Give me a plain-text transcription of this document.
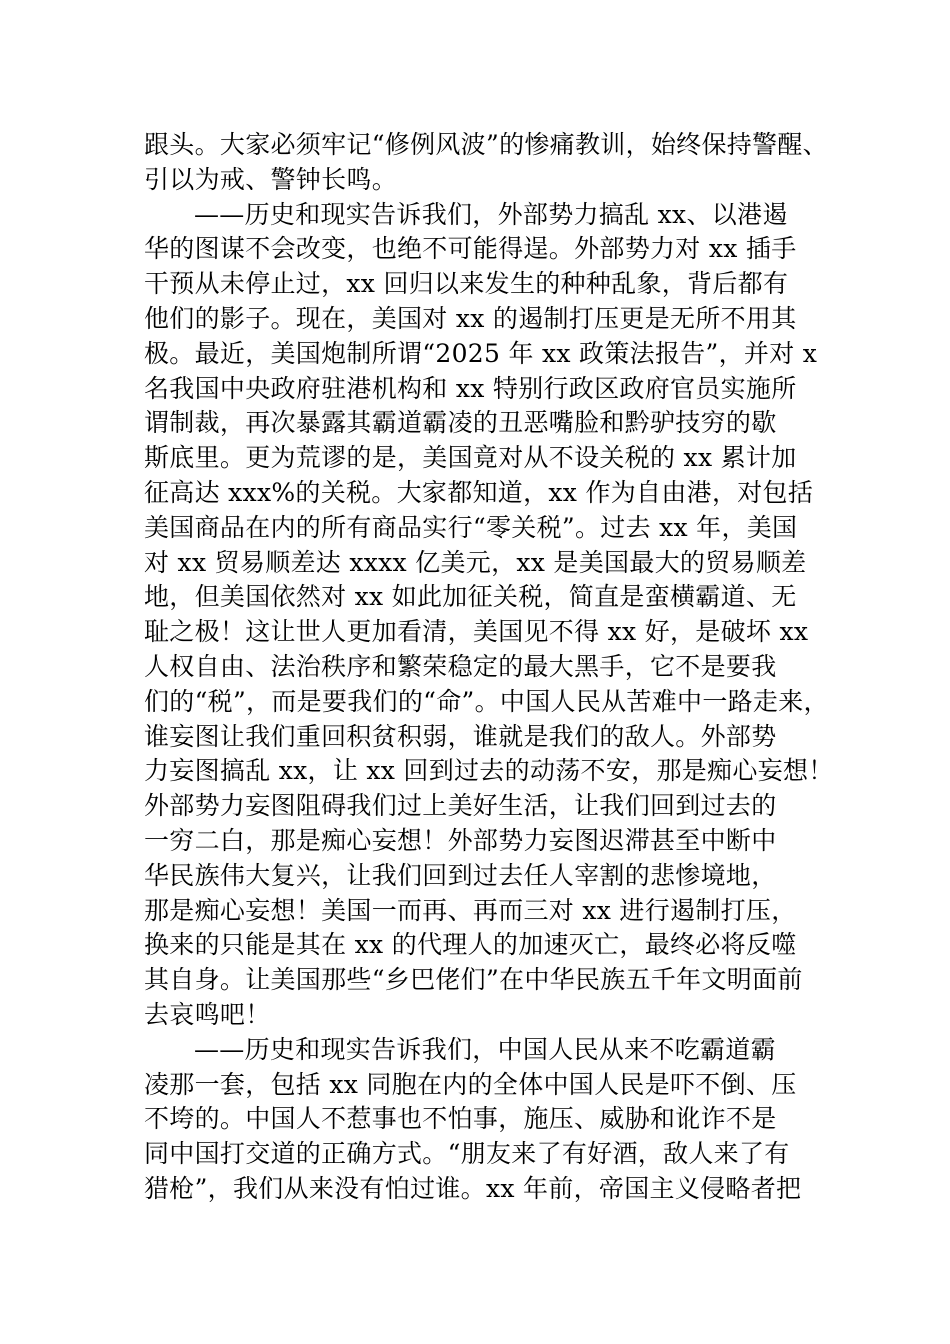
跟头。大家必须牢记“修例风波”的惨痛教训，始终保持警醒、
引以为戒、警钟长鸣。
——历史和现实告诉我们，外部势力搞乱 xx、以港遏
华的图谋不会改变，也绝不可能得逞。外部势力对 xx 插手
干预从未停止过，xx 回归以来发生的种种乱象，背后都有
他们的影子。现在，美国对 xx 的遏制打压更是无所不用其
极。最近，美国炮制所谓“2025 年 xx 政策法报告”，并对 x
名我国中央政府驻港机构和 xx 特别行政区政府官员实施所
谓制裁，再次暴露其霸道霸凌的丑恶嘴脸和黔驴技穷的歇
斯底里。更为荒谬的是，美国竟对从不设关税的 xx 累计加
征高达 xxx%的关税。大家都知道，xx 作为自由港，对包括
美国商品在内的所有商品实行“零关税”。过去 xx 年，美国
对 xx 贸易顺差达 xxxx 亿美元，xx 是美国最大的贸易顺差
地，但美国依然对 xx 如此加征关税，简直是蛮横霸道、无
耻之极！这让世人更加看清，美国见不得 xx 好，是破坏 xx
人权自由、法治秩序和繁荣稳定的最大黑手，它不是要我
们的“税”，而是要我们的“命”。中国人民从苦难中一路走来，
谁妄图让我们重回积贫积弱，谁就是我们的敌人。外部势
力妄图搞乱 xx，让 xx 回到过去的动荡不安，那是痴心妄想！
外部势力妄图阻碍我们过上美好生活，让我们回到过去的
一穷二白，那是痴心妄想！外部势力妄图迟滞甚至中断中
华民族伟大复兴，让我们回到过去任人宰割的悲惨境地，
那是痴心妄想！美国一而再、再而三对 xx 进行遏制打压，
换来的只能是其在 xx 的代理人的加速灭亡，最终必将反噬
其自身。让美国那些“乡巴佬们”在中华民族五千年文明面前
去哀鸣吧！
——历史和现实告诉我们，中国人民从来不吃霸道霸
凌那一套，包括 xx 同胞在内的全体中国人民是吓不倒、压
不垮的。中国人不惹事也不怕事，施压、威胁和讹诈不是
同中国打交道的正确方式。“朋友来了有好酒，敌人来了有
猎枪”，我们从来没有怕过谁。xx 年前，帝国主义侵略者把
